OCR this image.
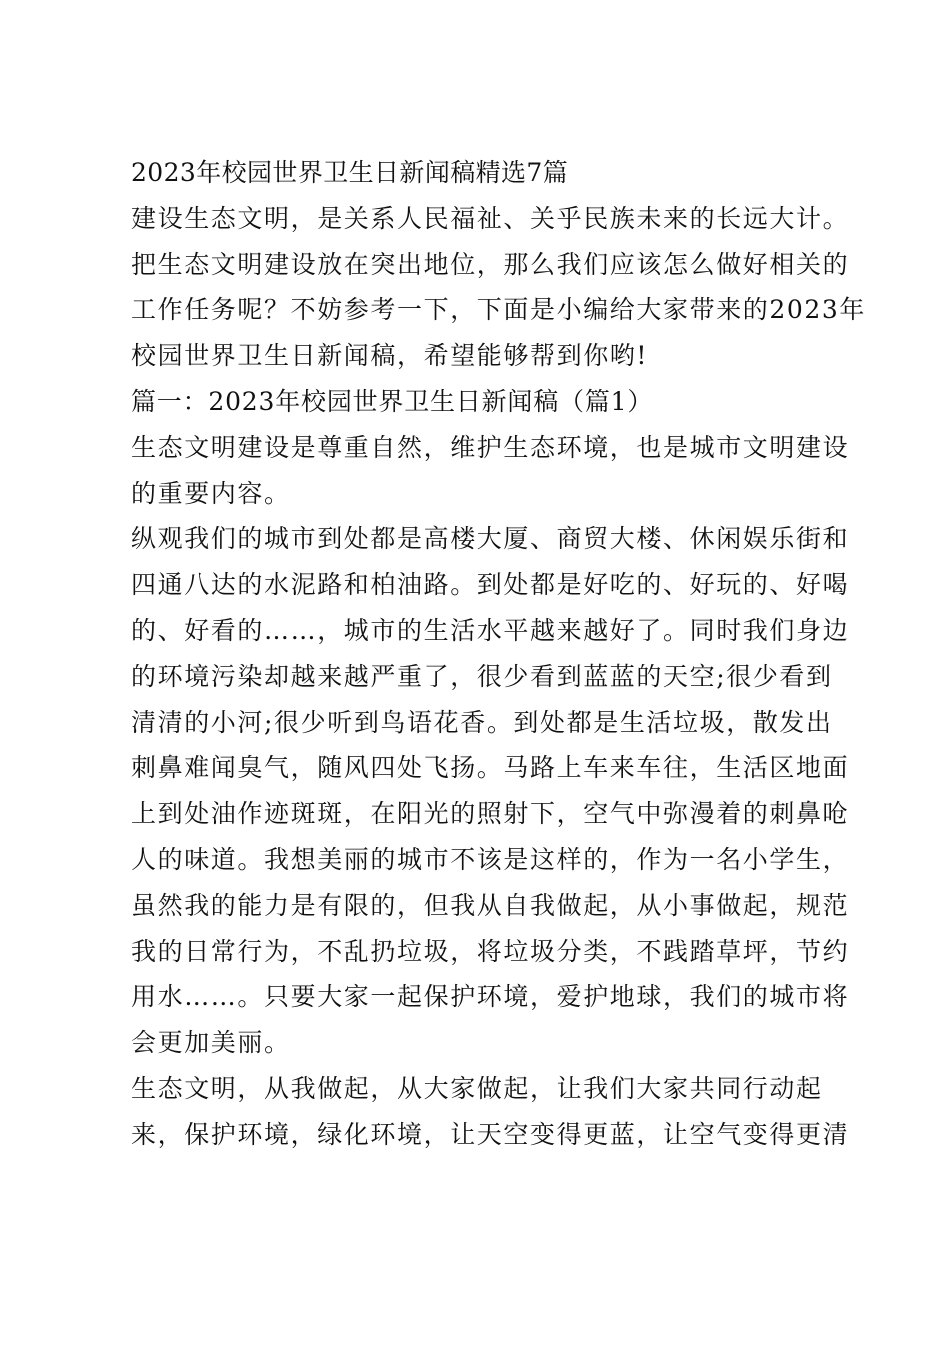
2023年校园世界卫生日新闻稿精选7篇
建设生态文明，是关系人民福祉、关乎民族未来的长远大计。
把生态文明建设放在突出地位，那么我们应该怎么做好相关的
工作任务呢？不妨参考一下，下面是小编给大家带来的2023年
校园世界卫生日新闻稿，希望能够帮到你哟!
篇一：2023年校园世界卫生日新闻稿（篇1）
生态文明建设是尊重自然，维护生态环境，也是城市文明建设
的重要内容。
纵观我们的城市到处都是高楼大厦、商贸大楼、休闲娱乐街和
四通八达的水泥路和柏油路。到处都是好吃的、好玩的、好喝
的、好看的……，城市的生活水平越来越好了。同时我们身边
的环境污染却越来越严重了，很少看到蓝蓝的天空;很少看到
清清的小河;很少听到鸟语花香。到处都是生活垃圾，散发出
刺鼻难闻臭气，随风四处飞扬。马路上车来车往，生活区地面
上到处油作迹斑斑，在阳光的照射下，空气中弥漫着的刺鼻呛
人的味道。我想美丽的城市不该是这样的，作为一名小学生，
虽然我的能力是有限的，但我从自我做起，从小事做起，规范
我的日常行为，不乱扔垃圾，将垃圾分类，不践踏草坪，节约
用水……。只要大家一起保护环境，爱护地球，我们的城市将
会更加美丽。
生态文明，从我做起，从大家做起，让我们大家共同行动起
来，保护环境，绿化环境，让天空变得更蓝，让空气变得更清
